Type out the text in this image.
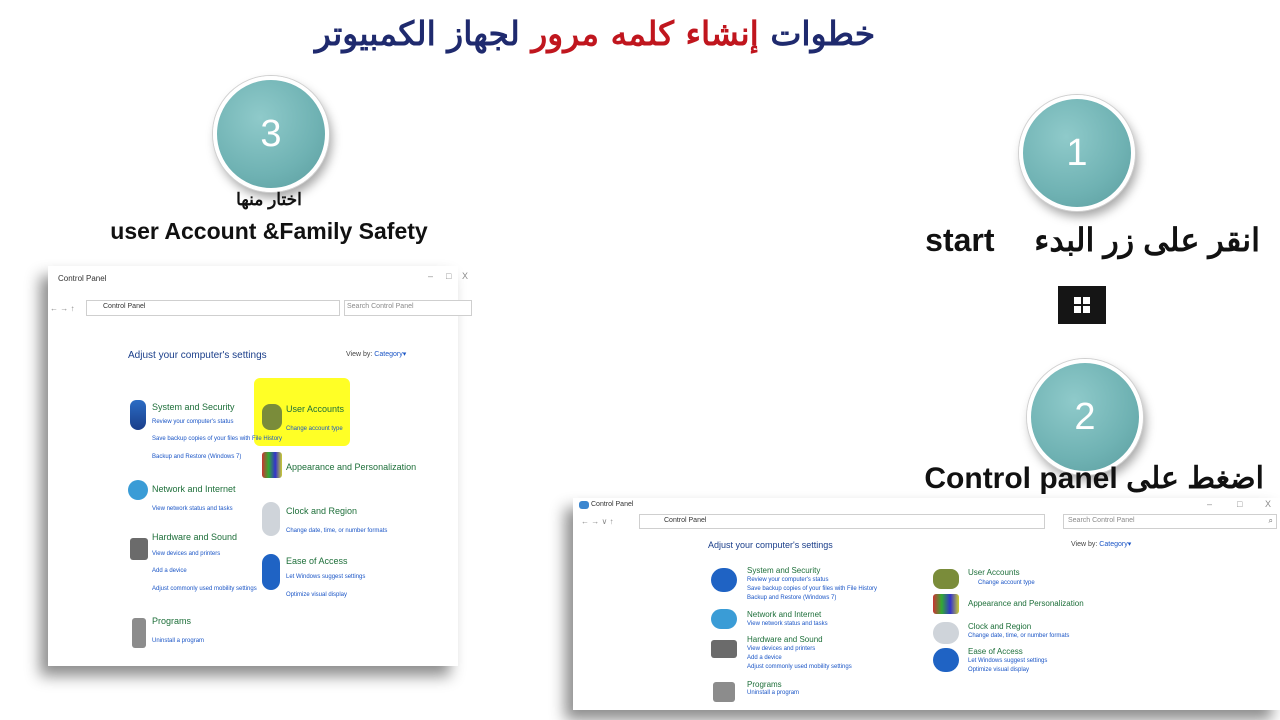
خطوات إنشاء كلمه مرور لجهاز الكمبيوتر
3
اختار منها
user Account &Family Safety
1
start انقر على زر البدء
2
Control panel اضغط على
Control Panel	– □ X
← → ↑	Control Panel	Search Control Panel
Adjust your computer's settings	View by: Category▾
System and Security
Review your computer's status
Save backup copies of your files with File History
Backup and Restore (Windows 7)
Network and Internet
View network status and tasks
Hardware and Sound
View devices and printers
Add a device
Adjust commonly used mobility settings
Programs
Uninstall a program
User Accounts
Change account type
Appearance and Personalization
Clock and Region
Change date, time, or number formats
Ease of Access
Let Windows suggest settings
Optimize visual display
Control Panel	–	□	X
← → ∨ ↑	Control Panel	Search Control Panel	⌕
Adjust your computer's settings	View by: Category▾
System and Security
Review your computer's status
Save backup copies of your files with File History
Backup and Restore (Windows 7)
Network and Internet
View network status and tasks
Hardware and Sound
View devices and printers
Add a device
Adjust commonly used mobility settings
Programs
Uninstall a program
User Accounts
Change account type
Appearance and Personalization
Clock and Region
Change date, time, or number formats
Ease of Access
Let Windows suggest settings
Optimize visual display
